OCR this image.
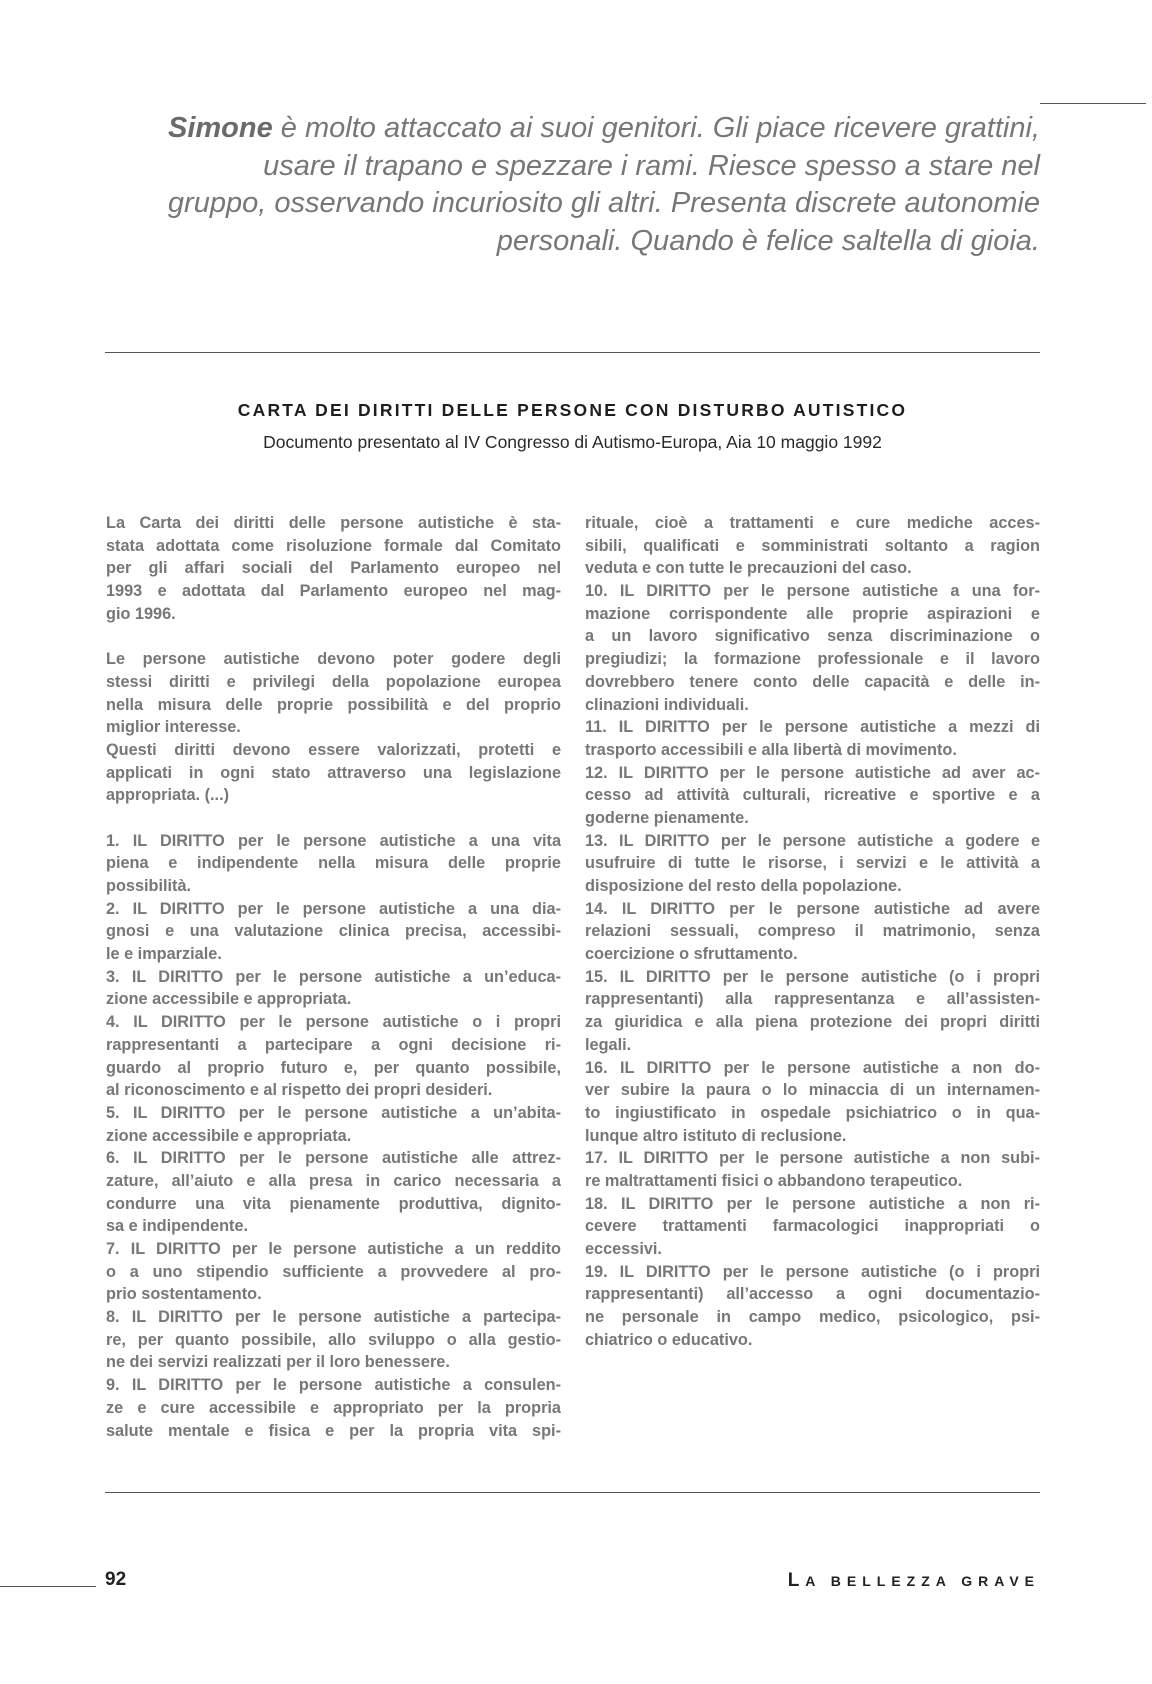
Simone è molto attaccato ai suoi genitori. Gli piace ricevere grattini,
usare il trapano e spezzare i rami. Riesce spesso a stare nel
gruppo, osservando incuriosito gli altri. Presenta discrete autonomie
personali. Quando è felice saltella di gioia.
CARTA DEI DIRITTI DELLE PERSONE CON DISTURBO AUTISTICO
Documento presentato al IV Congresso di Autismo-Europa, Aia 10 maggio 1992
La Carta dei diritti delle persone autistiche è sta-
stata adottata come risoluzione formale dal Comitato
per gli affari sociali del Parlamento europeo nel
1993 e adottata dal Parlamento europeo nel mag-
gio 1996.
Le persone autistiche devono poter godere degli
stessi diritti e privilegi della popolazione europea
nella misura delle proprie possibilità e del proprio
miglior interesse.
Questi diritti devono essere valorizzati, protetti e
applicati in ogni stato attraverso una legislazione
appropriata. (...)
1. IL DIRITTO per le persone autistiche a una vita
piena e indipendente nella misura delle proprie
possibilità.
2. IL DIRITTO per le persone autistiche a una dia-
gnosi e una valutazione clinica precisa, accessibi-
le e imparziale.
3. IL DIRITTO per le persone autistiche a un’educa-
zione accessibile e appropriata.
4. IL DIRITTO per le persone autistiche o i propri
rappresentanti a partecipare a ogni decisione ri-
guardo al proprio futuro e, per quanto possibile,
al riconoscimento e al rispetto dei propri desideri.
5. IL DIRITTO per le persone autistiche a un’abita-
zione accessibile e appropriata.
6. IL DIRITTO per le persone autistiche alle attrez-
zature, all’aiuto e alla presa in carico necessaria a
condurre una vita pienamente produttiva, dignito-
sa e indipendente.
7. IL DIRITTO per le persone autistiche a un reddito
o a uno stipendio sufficiente a provvedere al pro-
prio sostentamento.
8. IL DIRITTO per le persone autistiche a partecipa-
re, per quanto possibile, allo sviluppo o alla gestio-
ne dei servizi realizzati per il loro benessere.
9. IL DIRITTO per le persone autistiche a consulen-
ze e cure accessibile e appropriato per la propria
salute mentale e fisica e per la propria vita spi-
rituale, cioè a trattamenti e cure mediche acces-
sibili, qualificati e somministrati soltanto a ragion
veduta e con tutte le precauzioni del caso.
10. IL DIRITTO per le persone autistiche a una for-
mazione corrispondente alle proprie aspirazioni e
a un lavoro significativo senza discriminazione o
pregiudizi; la formazione professionale e il lavoro
dovrebbero tenere conto delle capacità e delle in-
clinazioni individuali.
11. IL DIRITTO per le persone autistiche a mezzi di
trasporto accessibili e alla libertà di movimento.
12. IL DIRITTO per le persone autistiche ad aver ac-
cesso ad attività culturali, ricreative e sportive e a
goderne pienamente.
13. IL DIRITTO per le persone autistiche a godere e
usufruire di tutte le risorse, i servizi e le attività a
disposizione del resto della popolazione.
14. IL DIRITTO per le persone autistiche ad avere
relazioni sessuali, compreso il matrimonio, senza
coercizione o sfruttamento.
15. IL DIRITTO per le persone autistiche (o i propri
rappresentanti) alla rappresentanza e all’assisten-
za giuridica e alla piena protezione dei propri diritti
legali.
16. IL DIRITTO per le persone autistiche a non do-
ver subire la paura o lo minaccia di un internamen-
to ingiustificato in ospedale psichiatrico o in qua-
lunque altro istituto di reclusione.
17. IL DIRITTO per le persone autistiche a non subi-
re maltrattamenti fisici o abbandono terapeutico.
18. IL DIRITTO per le persone autistiche a non ri-
cevere trattamenti farmacologici inappropriati o
eccessivi.
19. IL DIRITTO per le persone autistiche (o i propri
rappresentanti) all’accesso a ogni documentazio-
ne personale in campo medico, psicologico, psi-
chiatrico o educativo.
92	LA BELLEZZA GRAVE
